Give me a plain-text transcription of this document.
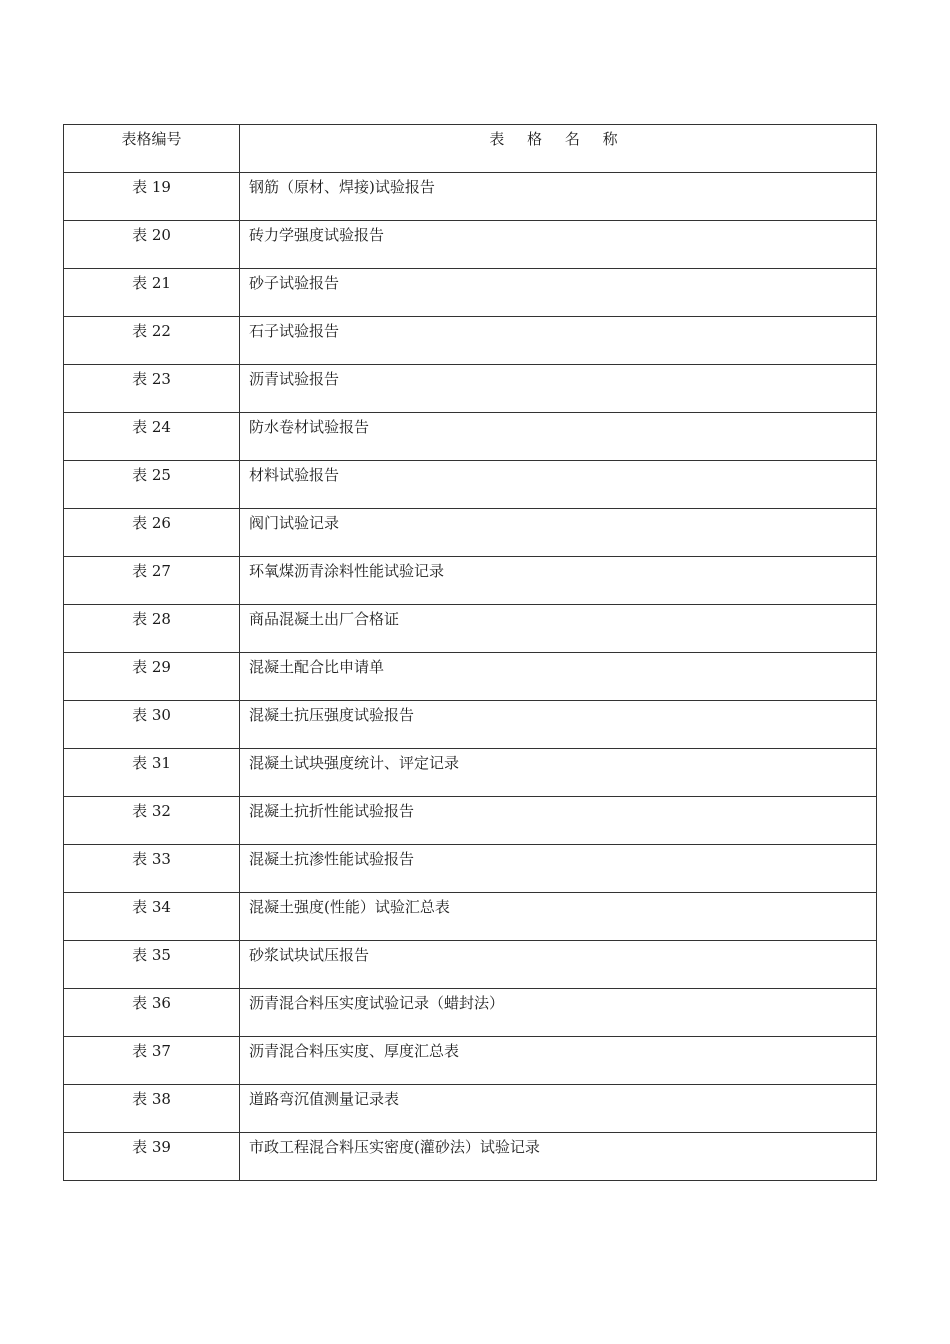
表格编号	表 格 名 称
表 19	钢筋（原材、焊接)试验报告
表 20	砖力学强度试验报告
表 21	砂子试验报告
表 22	石子试验报告
表 23	沥青试验报告
表 24	防水卷材试验报告
表 25	材料试验报告
表 26	阀门试验记录
表 27	环氧煤沥青涂料性能试验记录
表 28	商品混凝土出厂合格证
表 29	混凝土配合比申请单
表 30	混凝土抗压强度试验报告
表 31	混凝土试块强度统计、评定记录
表 32	混凝土抗折性能试验报告
表 33	混凝土抗渗性能试验报告
表 34	混凝土强度(性能）试验汇总表
表 35	砂浆试块试压报告
表 36	沥青混合料压实度试验记录（蜡封法）
表 37	沥青混合料压实度、厚度汇总表
表 38	道路弯沉值测量记录表
表 39	市政工程混合料压实密度(灌砂法）试验记录
